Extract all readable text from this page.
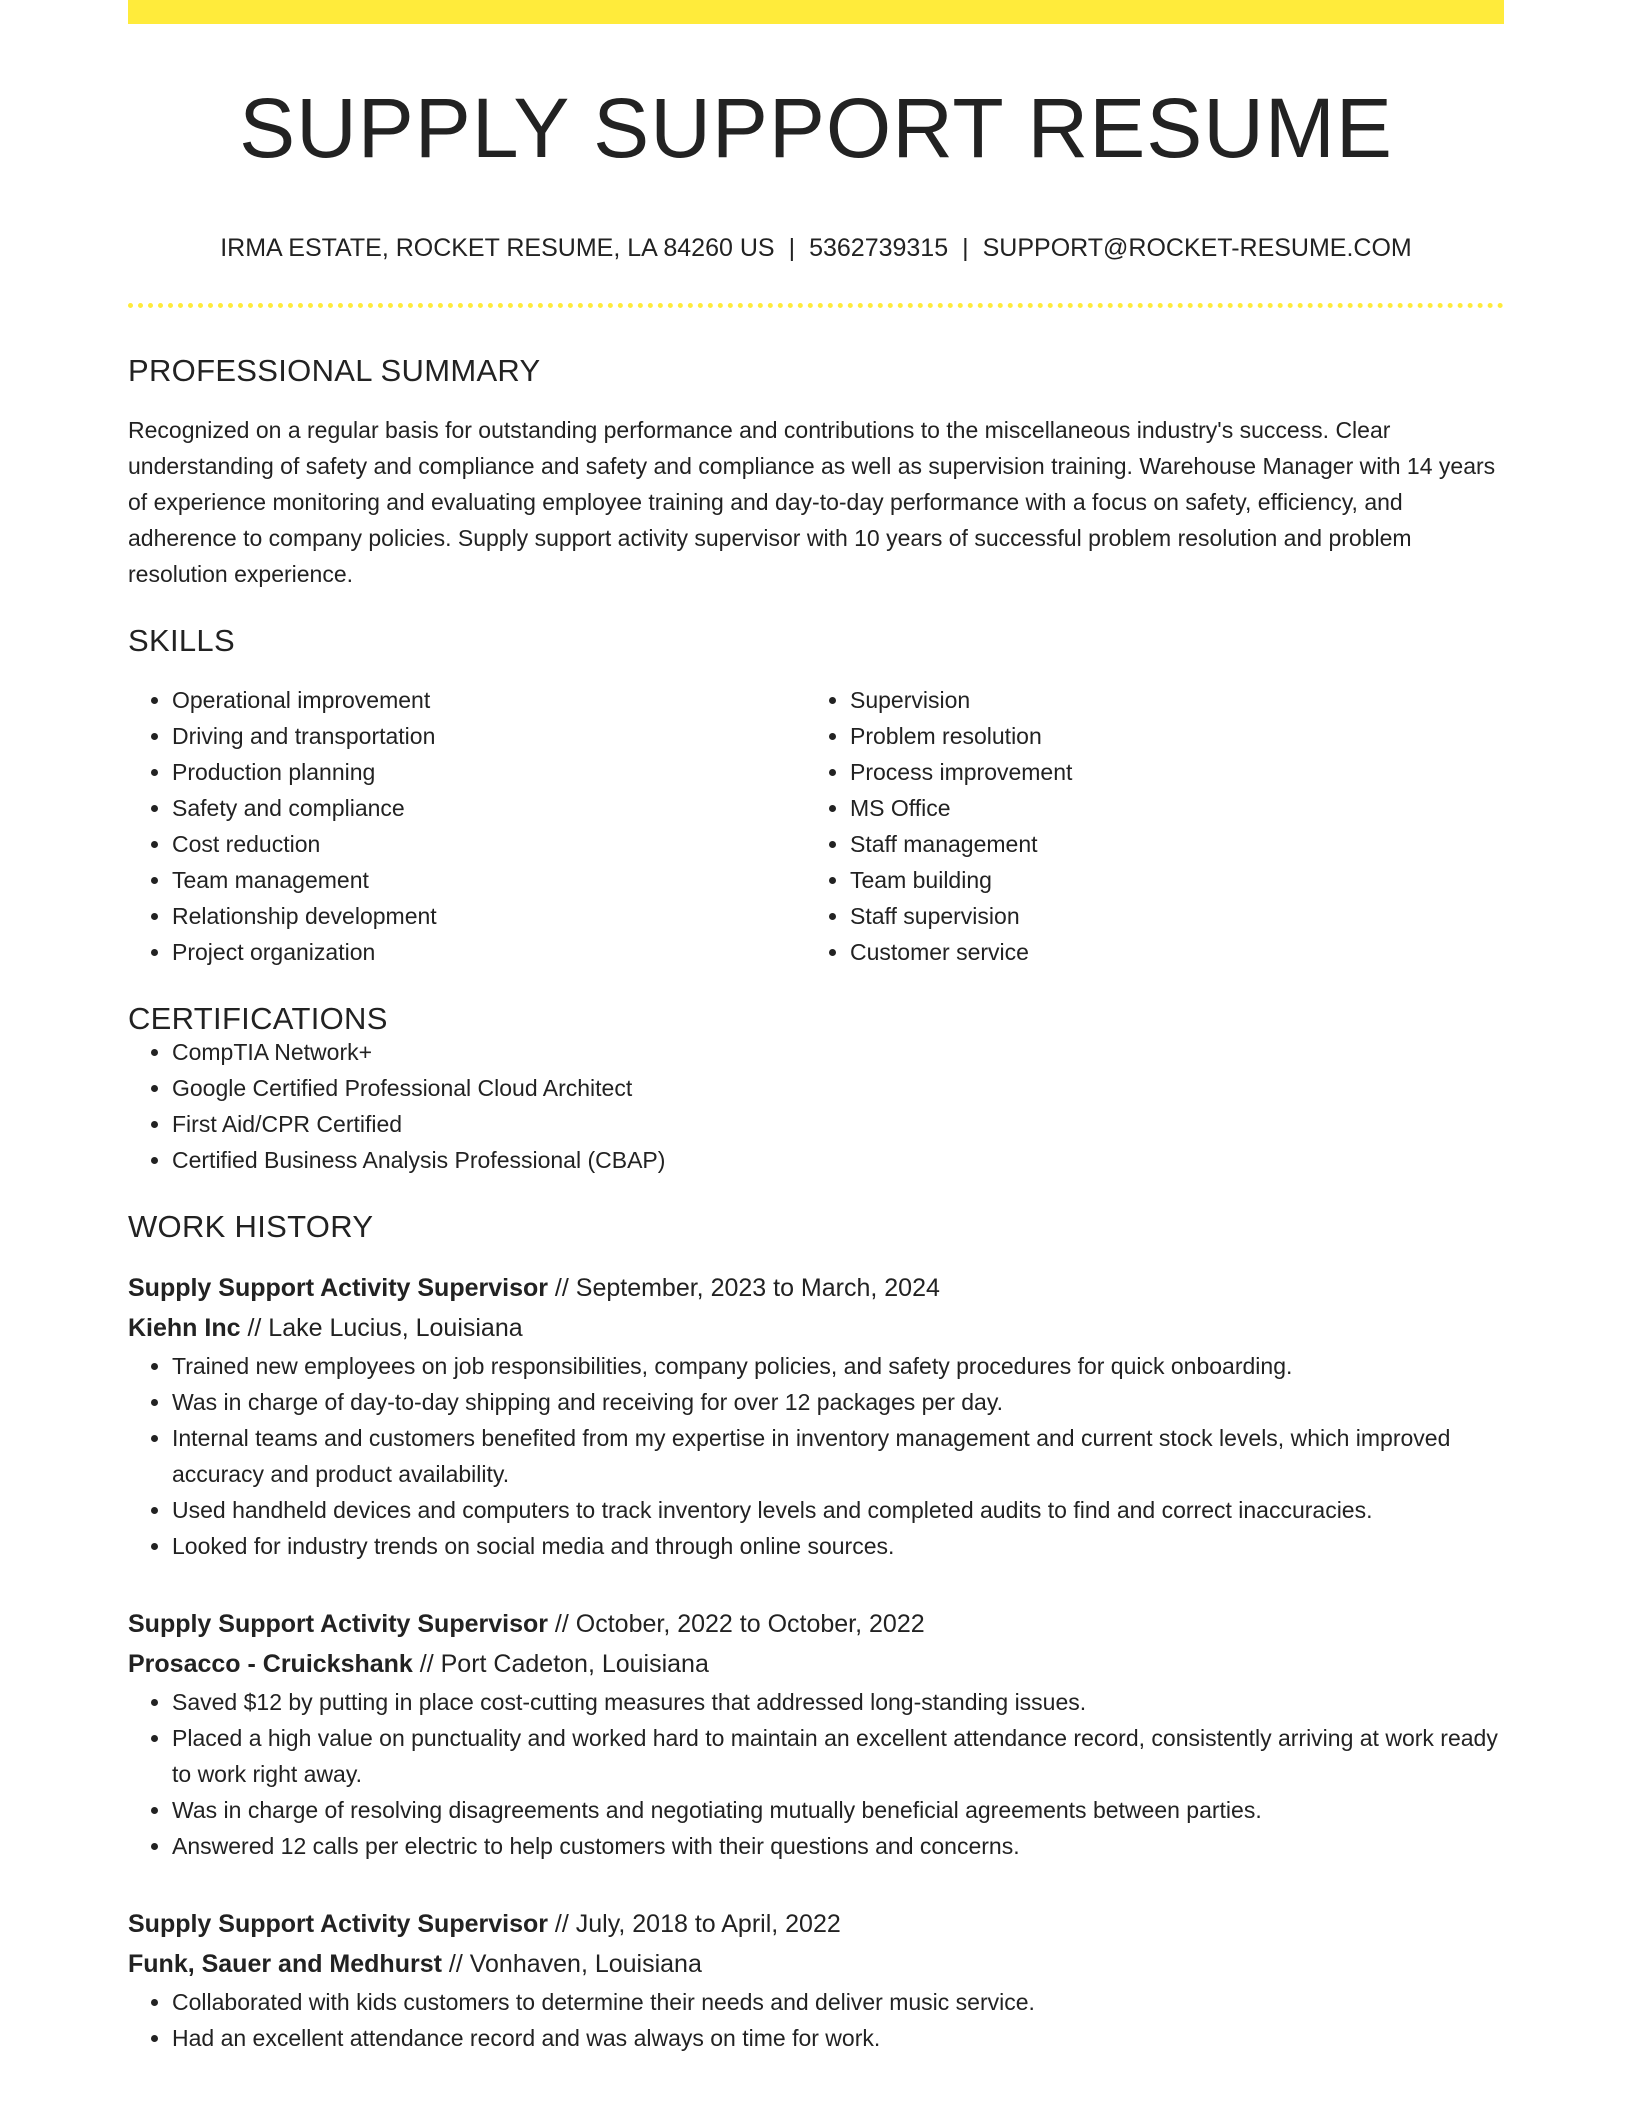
SUPPLY SUPPORT RESUME
IRMA ESTATE, ROCKET RESUME, LA 84260 US | 5362739315 | SUPPORT@ROCKET-RESUME.COM
PROFESSIONAL SUMMARY

Recognized on a regular basis for outstanding performance and contributions to the miscellaneous industry's success. Clear understanding of safety and compliance and safety and compliance as well as supervision training. Warehouse Manager with 14 years of experience monitoring and evaluating employee training and day-to-day performance with a focus on safety, efficiency, and adherence to company policies. Supply support activity supervisor with 10 years of successful problem resolution and problem resolution experience.

SKILLS
• Operational improvement
• Driving and transportation
• Production planning
• Safety and compliance
• Cost reduction
• Team management
• Relationship development
• Project organization
• Supervision
• Problem resolution
• Process improvement
• MS Office
• Staff management
• Team building
• Staff supervision
• Customer service
CERTIFICATIONS
• CompTIA Network+
• Google Certified Professional Cloud Architect
• First Aid/CPR Certified
• Certified Business Analysis Professional (CBAP)
WORK HISTORY
Supply Support Activity Supervisor // September, 2023 to March, 2024
Kiehn Inc // Lake Lucius, Louisiana
• Trained new employees on job responsibilities, company policies, and safety procedures for quick onboarding.
• Was in charge of day-to-day shipping and receiving for over 12 packages per day.
• Internal teams and customers benefited from my expertise in inventory management and current stock levels, which improved accuracy and product availability.
• Used handheld devices and computers to track inventory levels and completed audits to find and correct inaccuracies.
• Looked for industry trends on social media and through online sources.
Supply Support Activity Supervisor // October, 2022 to October, 2022
Prosacco - Cruickshank // Port Cadeton, Louisiana
• Saved $12 by putting in place cost-cutting measures that addressed long-standing issues.
• Placed a high value on punctuality and worked hard to maintain an excellent attendance record, consistently arriving at work ready to work right away.
• Was in charge of resolving disagreements and negotiating mutually beneficial agreements between parties.
• Answered 12 calls per electric to help customers with their questions and concerns.
Supply Support Activity Supervisor // July, 2018 to April, 2022
Funk, Sauer and Medhurst // Vonhaven, Louisiana
• Collaborated with kids customers to determine their needs and deliver music service.
• Had an excellent attendance record and was always on time for work.
